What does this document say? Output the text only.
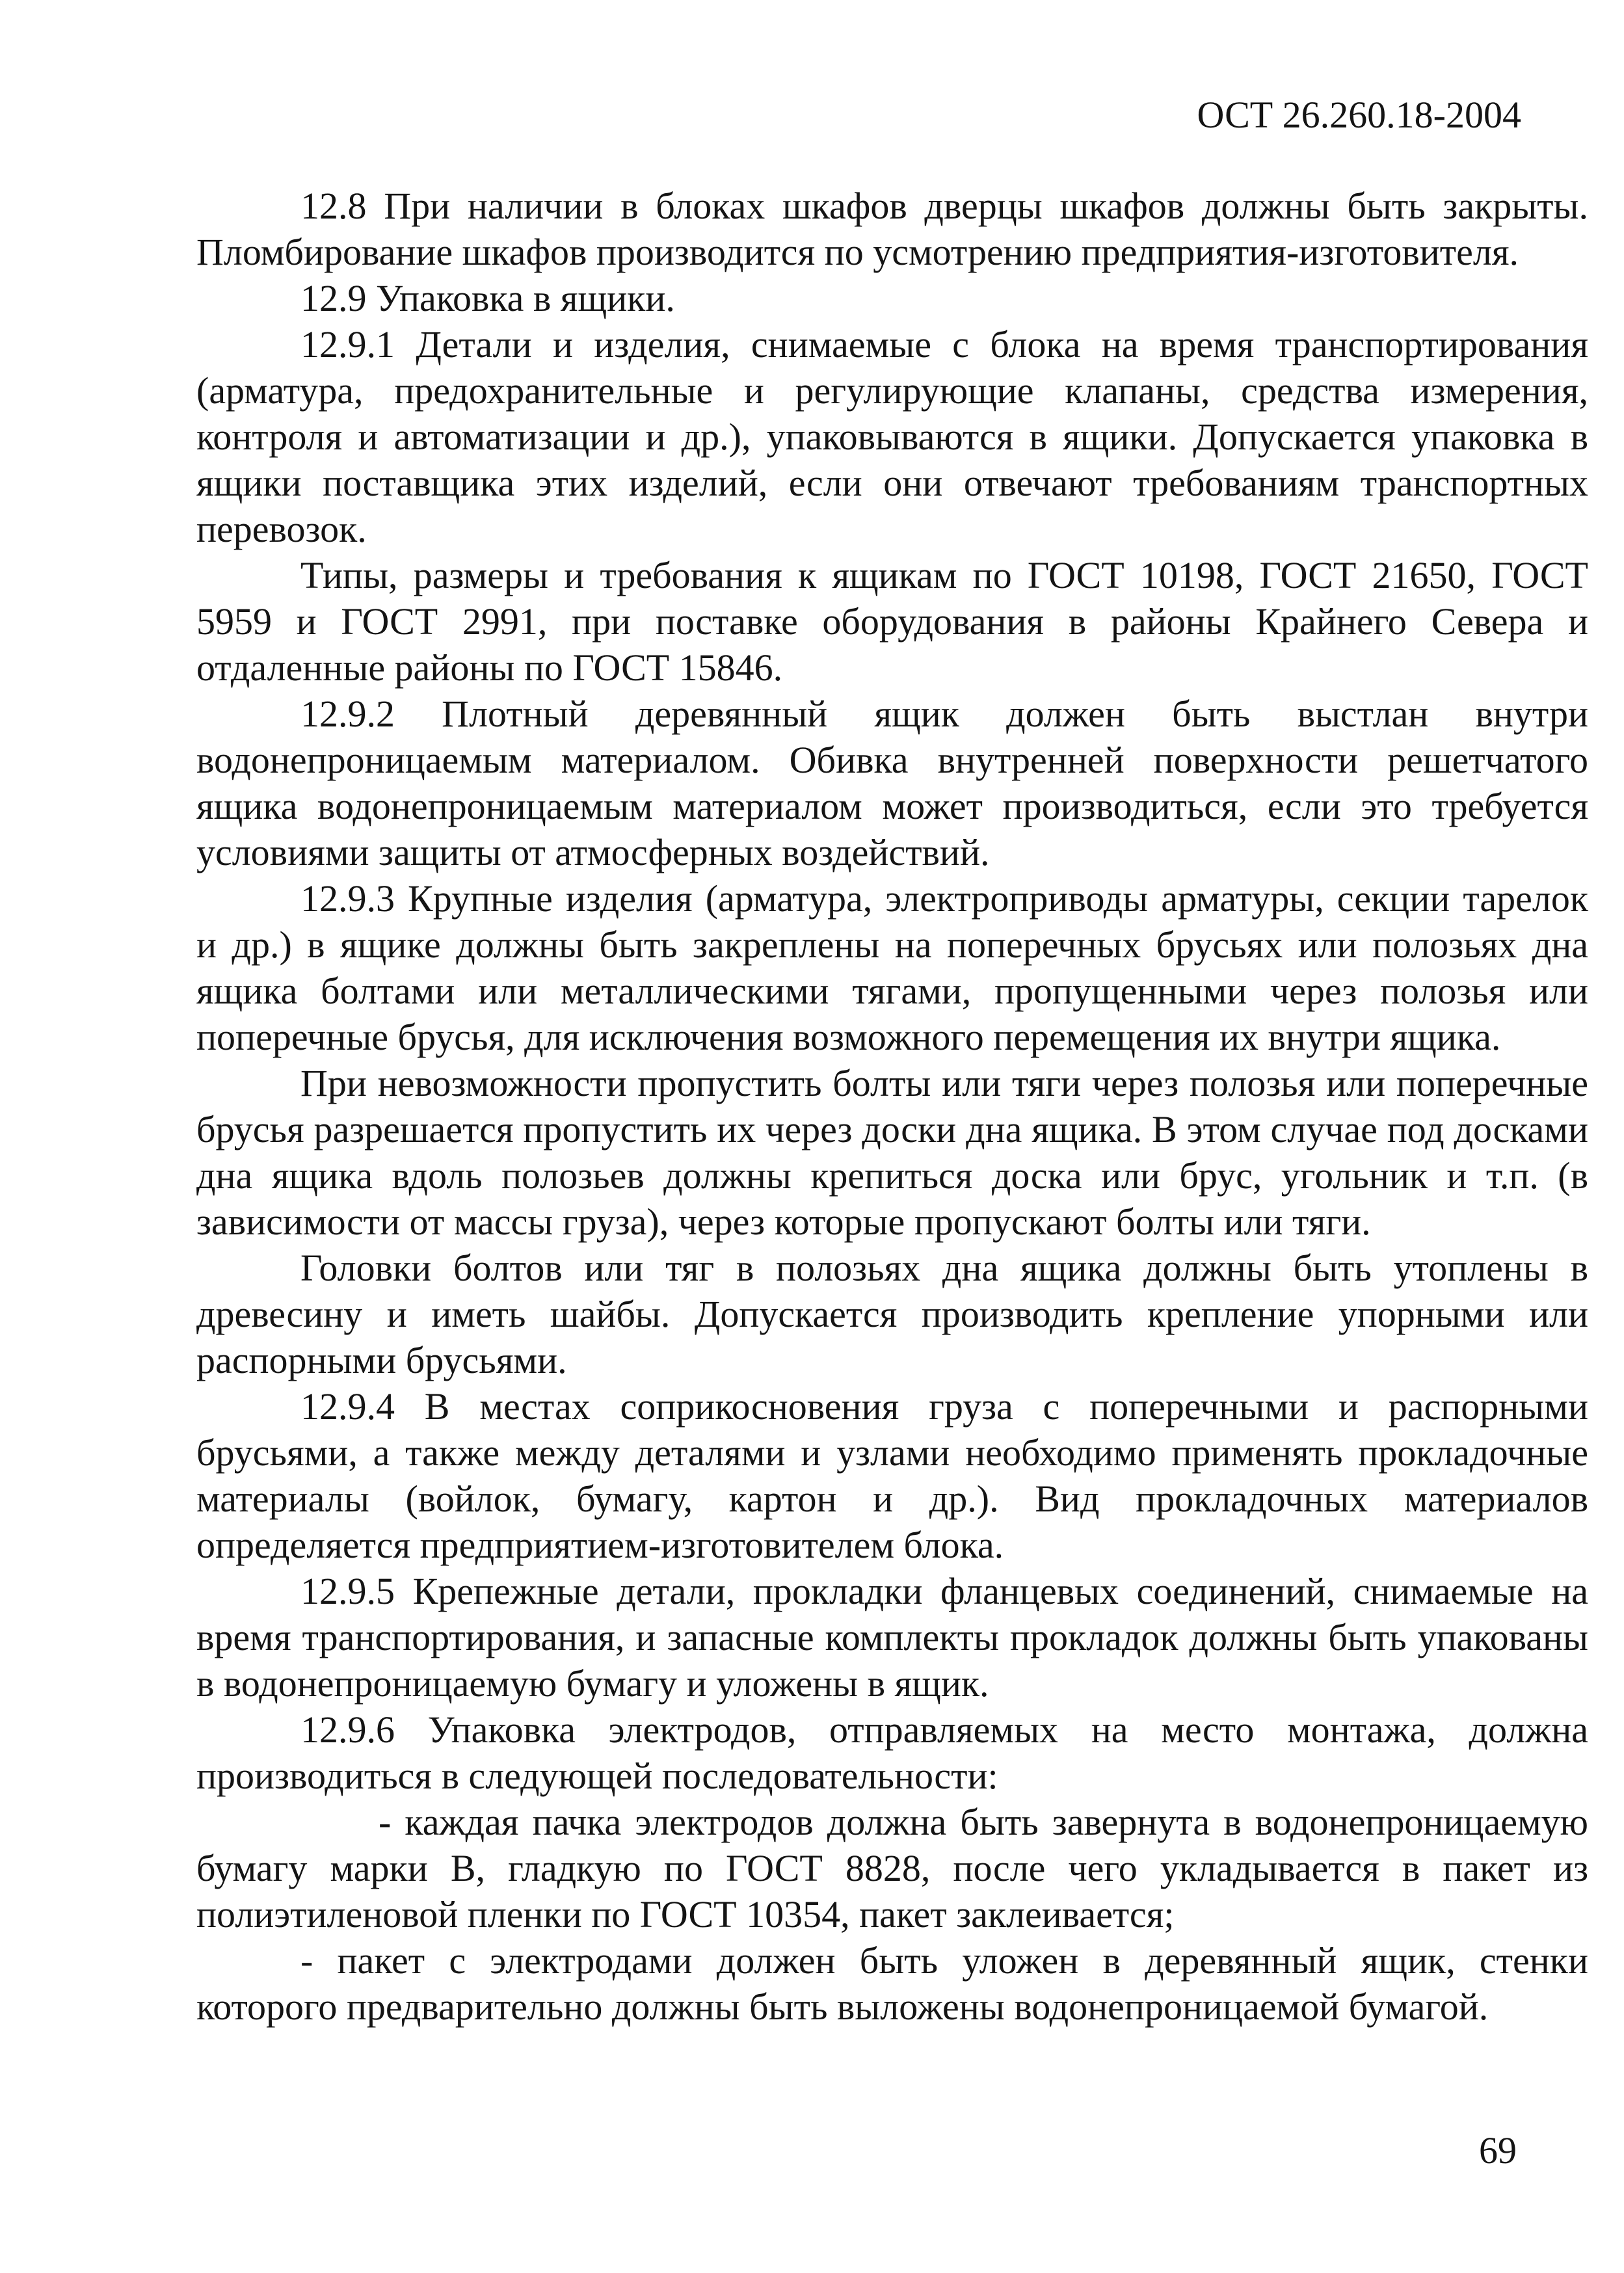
ОСТ 26.260.18-2004

12.8 При наличии в блоках шкафов дверцы шкафов должны быть закрыты. Пломбирование шкафов производится по усмотрению предприятия-изготовителя.

12.9 Упаковка в ящики.

12.9.1 Детали и изделия, снимаемые с блока на время транспортирования (арматура, предохранительные и регулирующие клапаны, средства измерения, контроля и автоматизации и др.), упаковываются в ящики. Допускается упаковка в ящики поставщика этих изделий, если они отвечают требованиям транспортных перевозок.

Типы, размеры и требования к ящикам по ГОСТ 10198, ГОСТ 21650, ГОСТ 5959 и ГОСТ 2991, при поставке оборудования в районы Крайнего Севера и отдаленные районы по ГОСТ 15846.

12.9.2 Плотный деревянный ящик должен быть выстлан внутри водонепроницаемым материалом. Обивка внутренней поверхности решетчатого ящика водонепроницаемым материалом может производиться, если это требуется условиями защиты от атмосферных воздействий.

12.9.3 Крупные изделия (арматура, электроприводы арматуры, секции тарелок и др.) в ящике должны быть закреплены на поперечных брусьях или полозьях дна ящика болтами или металлическими тягами, пропущенными через полозья или поперечные брусья, для исключения возможного перемещения их внутри ящика.

При невозможности пропустить болты или тяги через полозья или поперечные брусья разрешается пропустить их через доски дна ящика. В этом случае под досками дна ящика вдоль полозьев должны крепиться доска или брус, угольник и т.п. (в зависимости от массы груза), через которые пропускают болты или тяги.

Головки болтов или тяг в полозьях дна ящика должны быть утоплены в древесину и иметь шайбы. Допускается производить крепление упорными или распорными брусьями.

12.9.4 В местах соприкосновения груза с поперечными и распорными брусьями, а также между деталями и узлами необходимо применять прокладочные материалы (войлок, бумагу, картон и др.). Вид прокладочных материалов определяется предприятием-изготовителем блока.

12.9.5 Крепежные детали, прокладки фланцевых соединений, снимаемые на время транспортирования, и запасные комплекты прокладок должны быть упакованы в водонепроницаемую бумагу и уложены в ящик.

12.9.6 Упаковка электродов, отправляемых на место монтажа, должна производиться в следующей последовательности:

- каждая пачка электродов должна быть завернута в водонепроницаемую бумагу марки В, гладкую по ГОСТ 8828, после чего укладывается в пакет из полиэтиленовой пленки по ГОСТ 10354, пакет заклеивается;

- пакет с электродами должен быть уложен в деревянный ящик, стенки которого предварительно должны быть выложены водонепроницаемой бумагой.

69
